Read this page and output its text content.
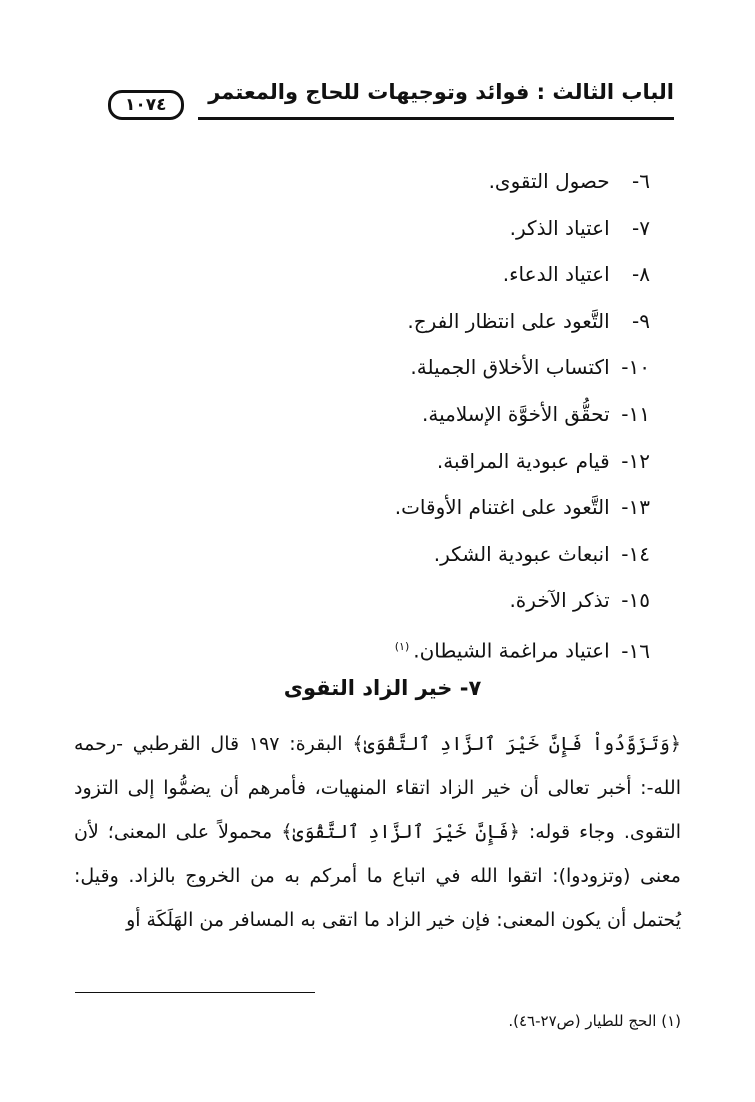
الباب الثالث : فوائد وتوجيهات للحاج والمعتمر
١٠٧٤
٦- حصول التقوى.
٧- اعتياد الذكر.
٨- اعتياد الدعاء.
٩- التَّعود على انتظار الفرج.
١٠- اكتساب الأخلاق الجميلة.
١١- تحقُّق الأخوَّة الإسلامية.
١٢- قيام عبودية المراقبة.
١٣- التَّعود على اغتنام الأوقات.
١٤- انبعاث عبودية الشكر.
١٥- تذكر الآخرة.
١٦- اعتياد مراغمة الشيطان.$^{(١)}$
٧- خير الزاد التقوى

﴿وَتَزَوَّدُواْ فَإِنَّ خَيْرَ ٱلزَّادِ ٱلتَّقْوَىٰ﴾ البقرة: ١٩٧ قال القرطبي -رحمه الله-: أخبر تعالى أن خير الزاد اتقاء المنهيات، فأمرهم أن يضمُّوا إلى التزود التقوى. وجاء قوله: ﴿فَإِنَّ خَيْرَ ٱلزَّادِ ٱلتَّقْوَىٰ﴾ محمولاً على المعنى؛ لأن معنى (وتزودوا): اتقوا الله في اتباع ما أمركم به من الخروج بالزاد. وقيل: يُحتمل أن يكون المعنى: فإن خير الزاد ما اتقى به المسافر من الهَلَكَة أو

(١) الحج للطيار (ص٢٧-٤٦).
